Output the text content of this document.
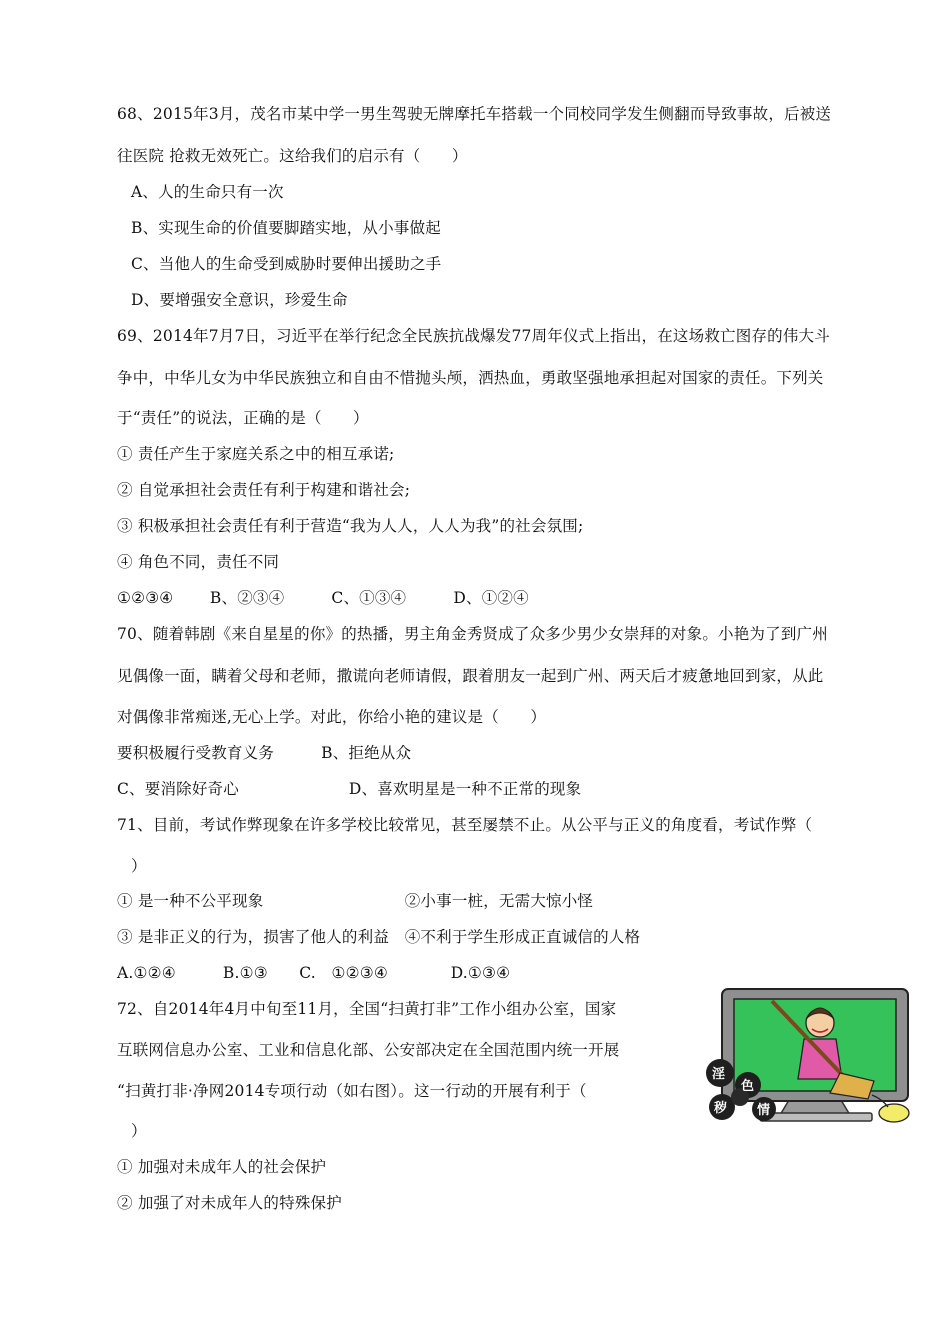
68、2015年3月，茂名市某中学一男生驾驶无牌摩托车搭载一个同校同学发生侧翻而导致事故，后被送
往医院 抢救无效死亡。这给我们的启示有（　　）
A、人的生命只有一次
B、实现生命的价值要脚踏实地，从小事做起
C、当他人的生命受到威胁时要伸出援助之手
D、要增强安全意识，珍爱生命
69、2014年7月7日，习近平在举行纪念全民族抗战爆发77周年仪式上指出，在这场救亡图存的伟大斗
争中，中华儿女为中华民族独立和自由不惜抛头颅，洒热血，勇敢坚强地承担起对国家的责任。下列关
于“责任”的说法，正确的是（　　）
① 责任产生于家庭关系之中的相互承诺;
② 自觉承担社会责任有利于构建和谐社会;
③ 积极承担社会责任有利于营造“我为人人，人人为我”的社会氛围;
④ 角色不同，责任不同
①②③④　　 B、②③④　　　C、①③④　　　D、①②④
70、随着韩剧《来自星星的你》的热播，男主角金秀贤成了众多少男少女崇拜的对象。小艳为了到广州
见偶像一面，瞒着父母和老师，撒谎向老师请假，跟着朋友一起到广州、两天后才疲惫地回到家，从此
对偶像非常痴迷,无心上学。对此，你给小艳的建议是（　　）
要积极履行受教育义务　　　B、拒绝从众
C、要消除好奇心　　　　　　　D、喜欢明星是一种不正常的现象
71、目前，考试作弊现象在许多学校比较常见，甚至屡禁不止。从公平与正义的角度看，考试作弊（
）
① 是一种不公平现象　　　　　　　　　②小事一桩，无需大惊小怪
③ 是非正义的行为，损害了他人的利益　④不利于学生形成正直诚信的人格
A.①②④　　　B.①③　　C.　①②③④　　　　D.①③④
72、自2014年4月中旬至11月，全国“扫黄打非”工作小组办公室，国家
互联网信息办公室、工业和信息化部、公安部决定在全国范围内统一开展
“扫黄打非·净网2014专项行动（如右图）。这一行动的开展有利于（
）
① 加强对未成年人的社会保护
② 加强了对未成年人的特殊保护
淫
色
秽 情
